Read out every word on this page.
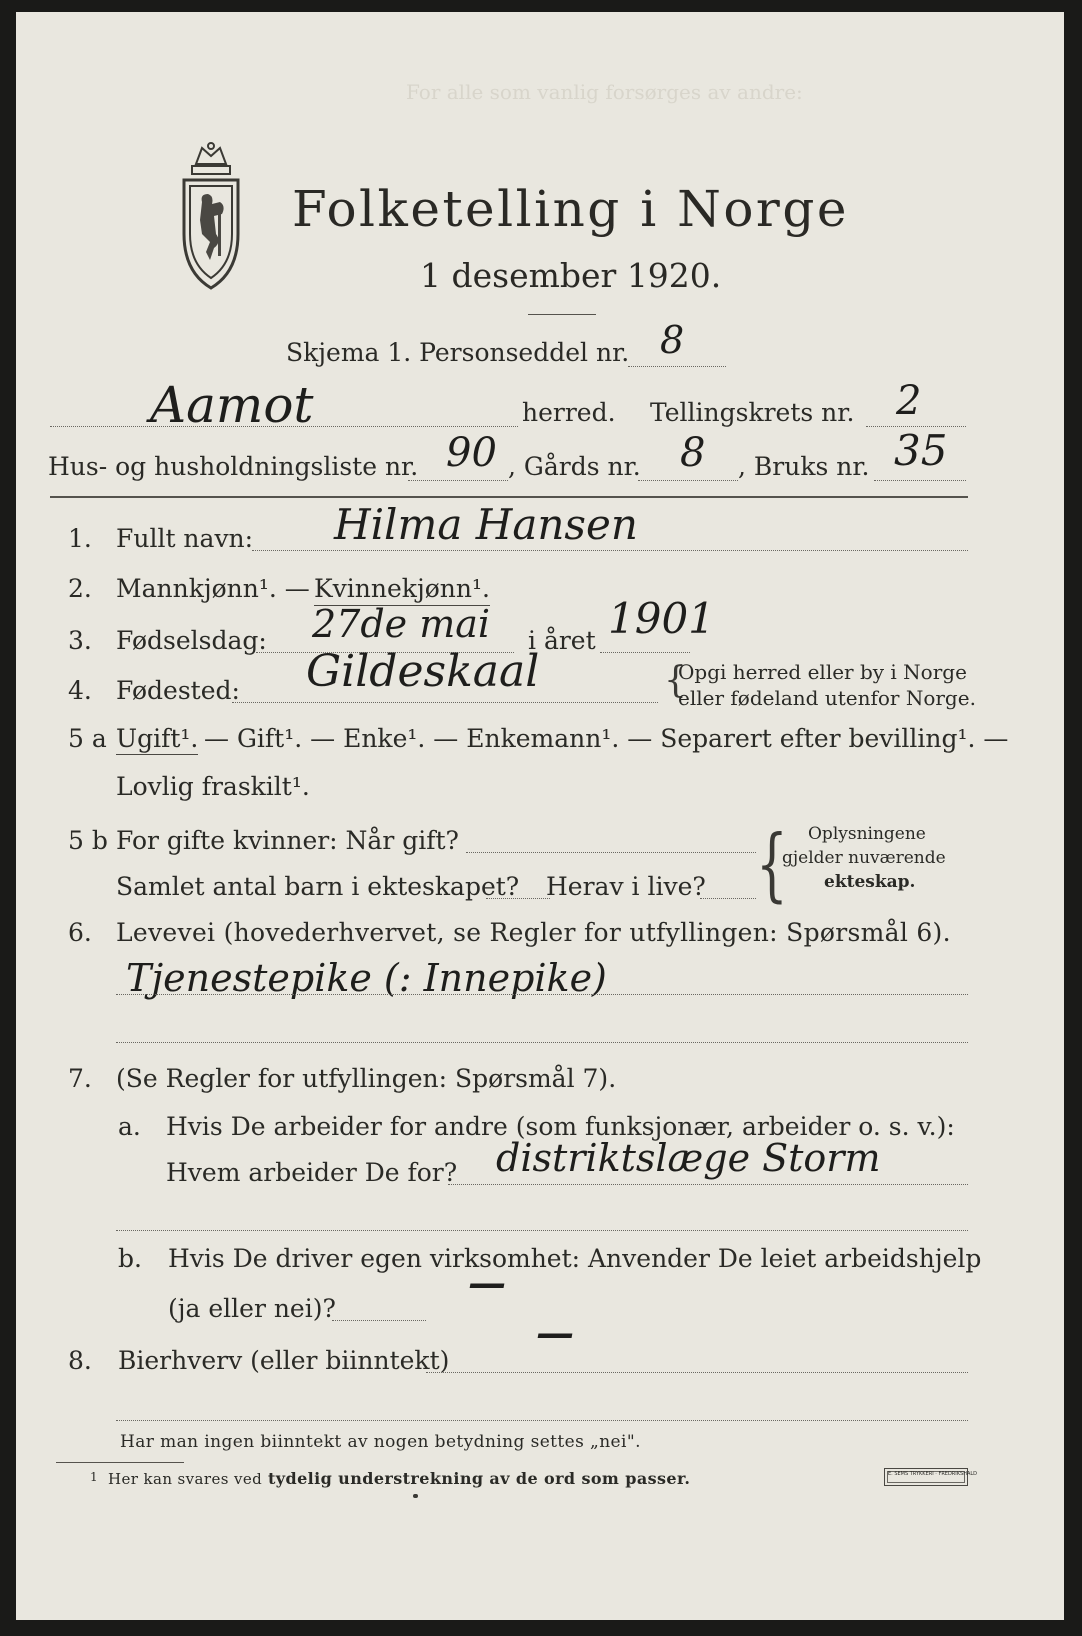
For alle som vanlig forsørges av andre:
Folketelling i Norge
1 desember 1920.
Skjema 1. Personseddel nr. 8
Aamot	herred. Tellingskrets nr. 2
Hus- og husholdningsliste nr. 90 , Gårds nr. 8 , Bruks nr. 35
1. Fullt navn: Hilma Hansen
2. Mannkjønn¹. — Kvinnekjønn¹.
3. Fødselsdag: 27de mai i året 1901
4. Fødested: Gildeskaal	{
Opgi herred eller by i Norge
eller fødeland utenfor Norge.
5 a Ugift¹. — Gift¹. — Enke¹. — Enkemann¹. — Separert efter bevilling¹. —
Lovlig fraskilt¹.
5 b For gifte kvinner: Når gift?
Samlet antal barn i ekteskapet? Herav i live? { Oplysningene
gjelder nuværende
ekteskap.
6. Levevei (hovederhvervet, se Regler for utfyllingen: Spørsmål 6).
Tjenestepike (: Innepike)
7. (Se Regler for utfyllingen: Spørsmål 7).
a. Hvis De arbeider for andre (som funksjonær, arbeider o. s. v.):
Hvem arbeider De for? distriktslæge Storm
b. Hvis De driver egen virksomhet: Anvender De leiet arbeidshjelp
(ja eller nei)?
—
8. Bierhverv (eller biinntekt)
—
Har man ingen biinntekt av nogen betydning settes „nei".
1 Her kan svares ved tydelig understrekning av de ord som passer.	E. SEMS TRYKKERI · FREDRIKSHALD
